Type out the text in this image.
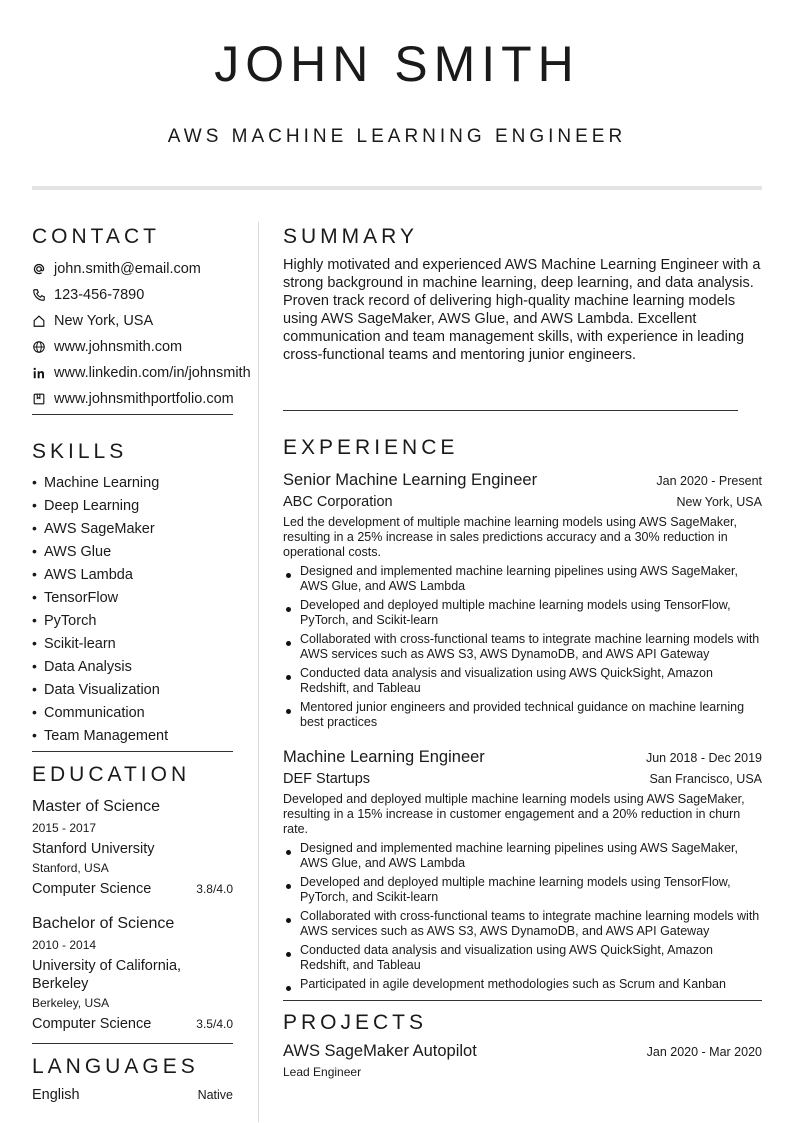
JOHN SMITH
AWS MACHINE LEARNING ENGINEER
CONTACT
john.smith@email.com
123-456-7890
New York, USA
www.johnsmith.com
www.linkedin.com/in/johnsmith
www.johnsmithportfolio.com
SKILLS
• Machine Learning
• Deep Learning
• AWS SageMaker
• AWS Glue
• AWS Lambda
• TensorFlow
• PyTorch
• Scikit-learn
• Data Analysis
• Data Visualization
• Communication
• Team Management
EDUCATION
Master of Science
2015 - 2017
Stanford University
Stanford, USA
Computer Science	3.8/4.0
Bachelor of Science
2010 - 2014
University of California, Berkeley
Berkeley, USA
Computer Science	3.5/4.0
LANGUAGES
English	Native
SUMMARY

Highly motivated and experienced AWS Machine Learning Engineer with a strong background in machine learning, deep learning, and data analysis. Proven track record of delivering high-quality machine learning models using AWS SageMaker, AWS Glue, and AWS Lambda. Excellent communication and team management skills, with experience in leading cross-functional teams and mentoring junior engineers.

EXPERIENCE
Senior Machine Learning Engineer	Jan 2020 - Present
ABC Corporation	New York, USA
Led the development of multiple machine learning models using AWS SageMaker, resulting in a 25% increase in sales predictions accuracy and a 30% reduction in operational costs.
Designed and implemented machine learning pipelines using AWS SageMaker, AWS Glue, and AWS Lambda
Developed and deployed multiple machine learning models using TensorFlow, PyTorch, and Scikit-learn
Collaborated with cross-functional teams to integrate machine learning models with AWS services such as AWS S3, AWS DynamoDB, and AWS API Gateway
Conducted data analysis and visualization using AWS QuickSight, Amazon Redshift, and Tableau
Mentored junior engineers and provided technical guidance on machine learning best practices
Machine Learning Engineer	Jun 2018 - Dec 2019
DEF Startups	San Francisco, USA
Developed and deployed multiple machine learning models using AWS SageMaker, resulting in a 15% increase in customer engagement and a 20% reduction in churn rate.
Designed and implemented machine learning pipelines using AWS SageMaker, AWS Glue, and AWS Lambda
Developed and deployed multiple machine learning models using TensorFlow, PyTorch, and Scikit-learn
Collaborated with cross-functional teams to integrate machine learning models with AWS services such as AWS S3, AWS DynamoDB, and AWS API Gateway
Conducted data analysis and visualization using AWS QuickSight, Amazon Redshift, and Tableau
Participated in agile development methodologies such as Scrum and Kanban
PROJECTS
AWS SageMaker Autopilot	Jan 2020 - Mar 2020
Lead Engineer
